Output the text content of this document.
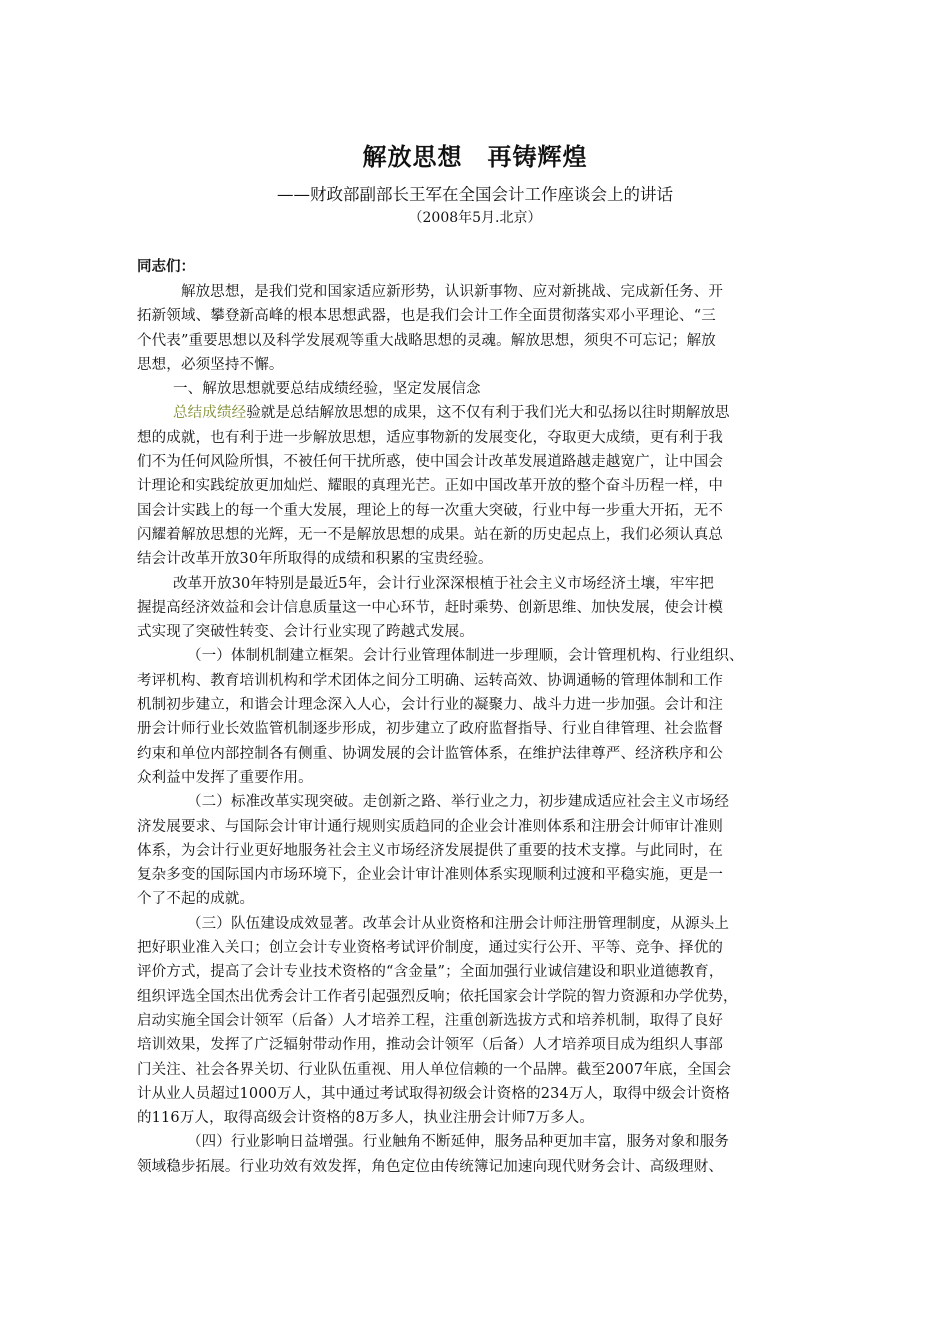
解放思想　再铸辉煌
——财政部副部长王军在全国会计工作座谈会上的讲话
（2008年5月.北京）
同志们：
解放思想，是我们党和国家适应新形势，认识新事物、应对新挑战、完成新任务、开
拓新领域、攀登新高峰的根本思想武器，也是我们会计工作全面贯彻落实邓小平理论、“三
个代表”重要思想以及科学发展观等重大战略思想的灵魂。解放思想，须臾不可忘记；解放
思想，必须坚持不懈。
一、解放思想就要总结成绩经验，坚定发展信念
总结成绩经验就是总结解放思想的成果，这不仅有利于我们光大和弘扬以往时期解放思
想的成就，也有利于进一步解放思想，适应事物新的发展变化，夺取更大成绩，更有利于我
们不为任何风险所惧，不被任何干扰所惑，使中国会计改革发展道路越走越宽广，让中国会
计理论和实践绽放更加灿烂、耀眼的真理光芒。正如中国改革开放的整个奋斗历程一样，中
国会计实践上的每一个重大发展，理论上的每一次重大突破，行业中每一步重大开拓，无不
闪耀着解放思想的光辉，无一不是解放思想的成果。站在新的历史起点上，我们必须认真总
结会计改革开放30年所取得的成绩和积累的宝贵经验。
改革开放30年特别是最近5年，会计行业深深根植于社会主义市场经济土壤，牢牢把
握提高经济效益和会计信息质量这一中心环节，赶时乘势、创新思维、加快发展，使会计模
式实现了突破性转变、会计行业实现了跨越式发展。
（一）体制机制建立框架。会计行业管理体制进一步理顺，会计管理机构、行业组织、
考评机构、教育培训机构和学术团体之间分工明确、运转高效、协调通畅的管理体制和工作
机制初步建立，和谐会计理念深入人心，会计行业的凝聚力、战斗力进一步加强。会计和注
册会计师行业长效监管机制逐步形成，初步建立了政府监督指导、行业自律管理、社会监督
约束和单位内部控制各有侧重、协调发展的会计监管体系，在维护法律尊严、经济秩序和公
众利益中发挥了重要作用。
（二）标准改革实现突破。走创新之路、举行业之力，初步建成适应社会主义市场经
济发展要求、与国际会计审计通行规则实质趋同的企业会计准则体系和注册会计师审计准则
体系，为会计行业更好地服务社会主义市场经济发展提供了重要的技术支撑。与此同时，在
复杂多变的国际国内市场环境下，企业会计审计准则体系实现顺利过渡和平稳实施，更是一
个了不起的成就。
（三）队伍建设成效显著。改革会计从业资格和注册会计师注册管理制度，从源头上
把好职业准入关口；创立会计专业资格考试评价制度，通过实行公开、平等、竞争、择优的
评价方式，提高了会计专业技术资格的“含金量”；全面加强行业诚信建设和职业道德教育，
组织评选全国杰出优秀会计工作者引起强烈反响；依托国家会计学院的智力资源和办学优势，
启动实施全国会计领军（后备）人才培养工程，注重创新选拔方式和培养机制，取得了良好
培训效果，发挥了广泛辐射带动作用，推动会计领军（后备）人才培养项目成为组织人事部
门关注、社会各界关切、行业队伍重视、用人单位信赖的一个品牌。截至2007年底，全国会
计从业人员超过1000万人，其中通过考试取得初级会计资格的234万人，取得中级会计资格
的116万人，取得高级会计资格的8万多人，执业注册会计师7万多人。
（四）行业影响日益增强。行业触角不断延伸，服务品种更加丰富，服务对象和服务
领域稳步拓展。行业功效有效发挥，角色定位由传统簿记加速向现代财务会计、高级理财、
